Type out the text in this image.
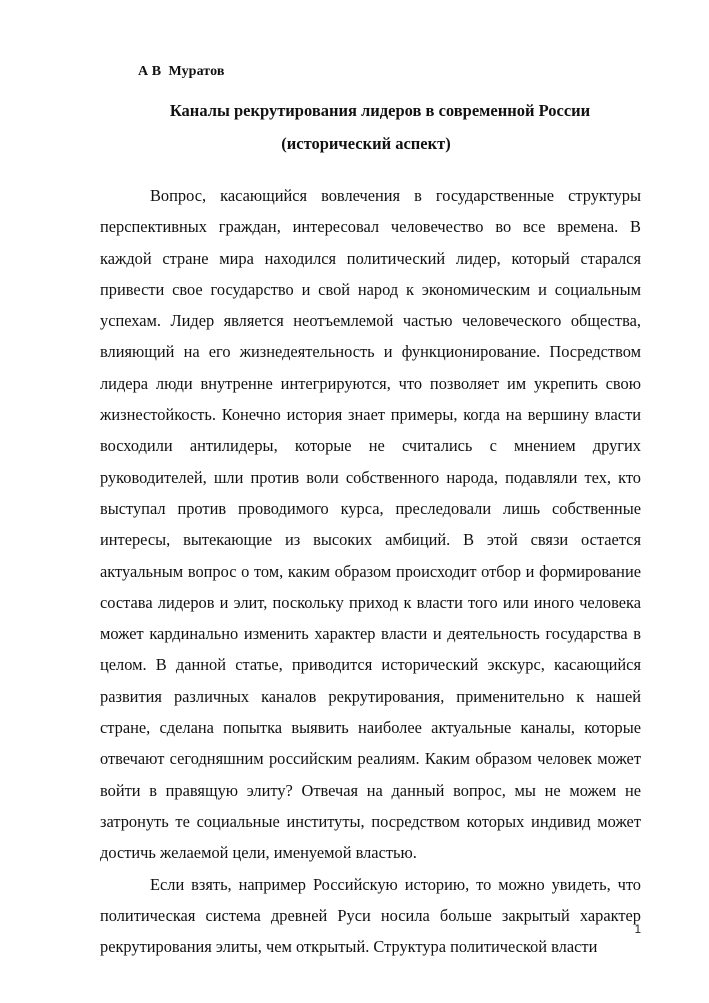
А В  Муратов
Каналы рекрутирования лидеров в современной России
(исторический аспект)

Вопрос, касающийся вовлечения в государственные структуры перспективных граждан, интересовал человечество во все времена. В каждой стране мира находился политический лидер, который старался привести свое государство и свой народ к экономическим и социальным успехам. Лидер является неотъемлемой частью человеческого общества, влияющий на его жизнедеятельность и функционирование. Посредством лидера люди внутренне интегрируются, что позволяет им укрепить свою жизнестойкость. Конечно история знает примеры, когда на вершину власти восходили антилидеры, которые не считались с мнением других руководителей, шли против воли собственного народа, подавляли тех, кто выступал против проводимого курса, преследовали лишь собственные интересы, вытекающие из высоких амбиций. В этой связи остается актуальным вопрос о том, каким образом происходит отбор и формирование состава лидеров и элит, поскольку приход к власти того или иного человека может кардинально изменить характер власти и деятельность государства в целом. В данной статье, приводится исторический экскурс, касающийся развития различных каналов рекрутирования, применительно к нашей стране, сделана попытка выявить наиболее актуальные каналы, которые отвечают сегодняшним российским реалиям. Каким образом человек может войти в правящую элиту? Отвечая на данный вопрос, мы не можем не затронуть те социальные институты, посредством которых индивид может достичь желаемой цели, именуемой властью.

Если взять, например Российскую историю, то можно увидеть, что политическая система древней Руси носила больше закрытый характер рекрутирования элиты, чем открытый. Структура политической власти

1
